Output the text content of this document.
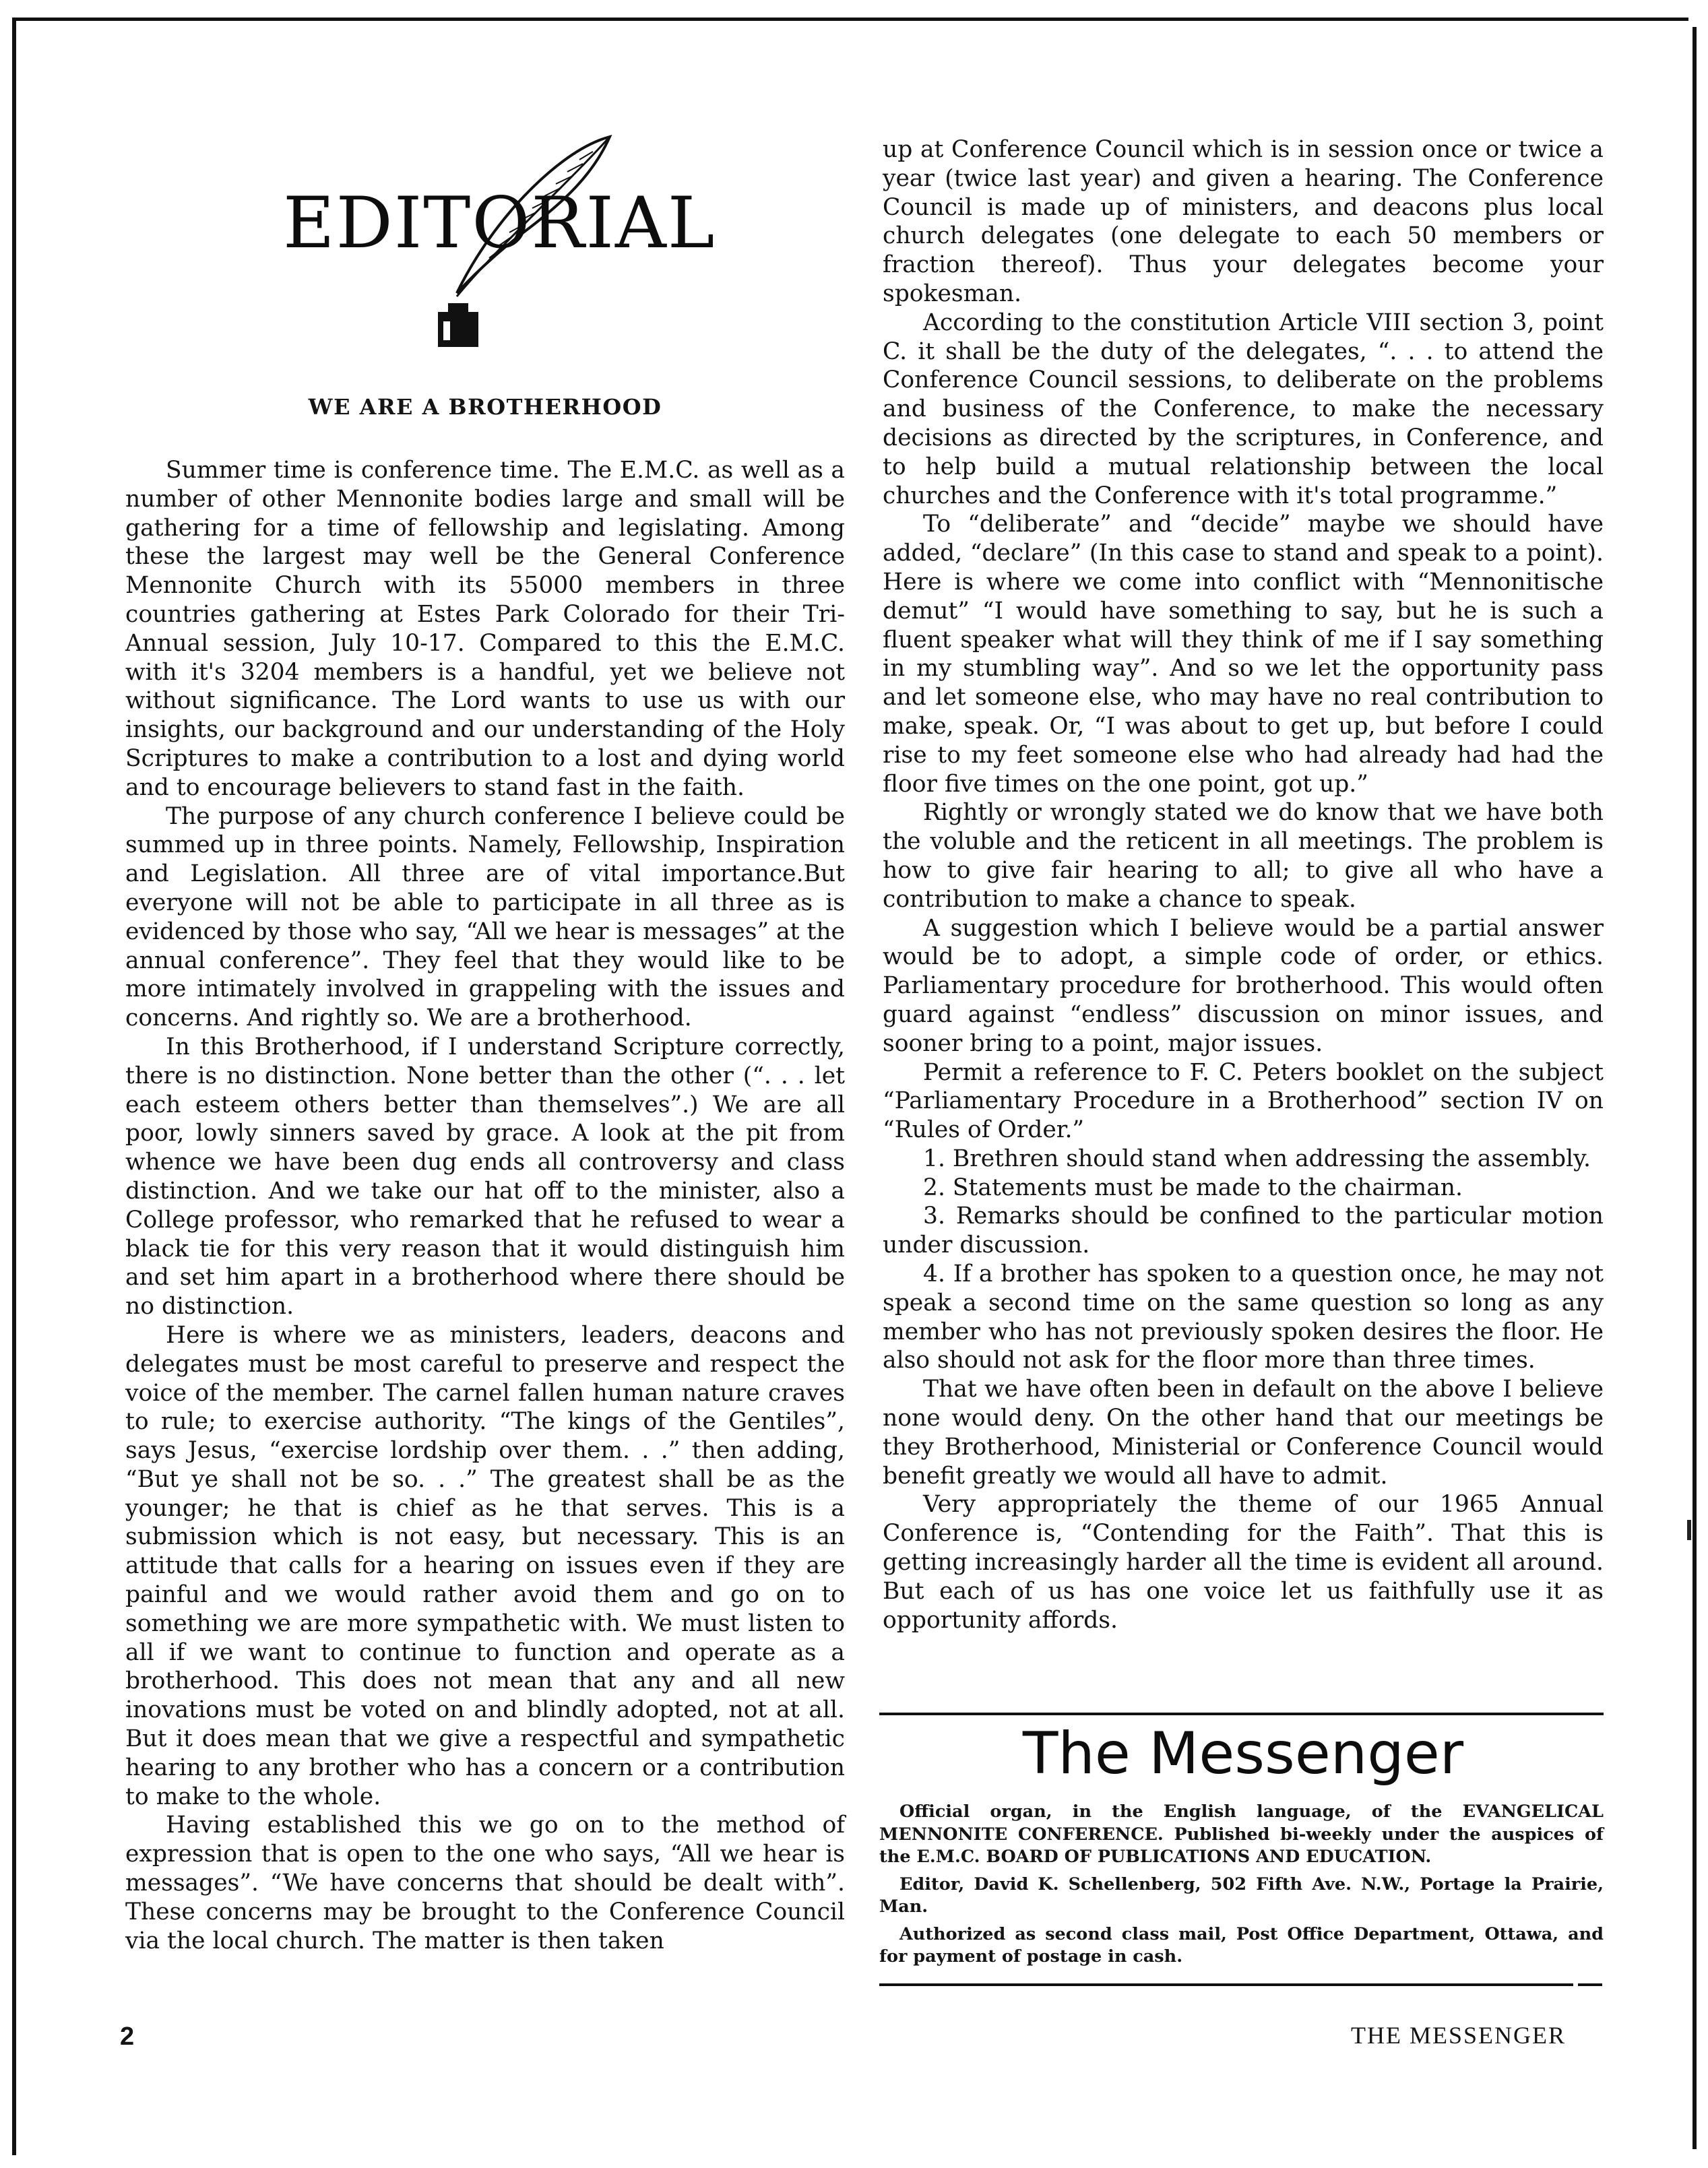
EDITORIAL
WE ARE A BROTHERHOOD

Summer time is conference time. The E.M.C. as well as a number of other Mennonite bodies large and small will be gathering for a time of fellowship and legislating. Among these the largest may well be the General Conference Mennonite Church with its 55000 members in three countries gathering at Estes Park Colorado for their Tri-Annual session, July 10-17. Compared to this the E.M.C. with it's 3204 members is a handful, yet we believe not without significance. The Lord wants to use us with our insights, our background and our understanding of the Holy Scriptures to make a contribution to a lost and dying world and to encourage believers to stand fast in the faith.

The purpose of any church conference I believe could be summed up in three points. Namely, Fellowship, Inspiration and Legislation. All three are of vital importance.But everyone will not be able to participate in all three as is evidenced by those who say, “All we hear is messages” at the annual conference”. They feel that they would like to be more intimately involved in grappeling with the issues and concerns. And rightly so. We are a brotherhood.

In this Brotherhood, if I understand Scripture correctly, there is no distinction. None better than the other (“. . . let each esteem others better than themselves”.) We are all poor, lowly sinners saved by grace. A look at the pit from whence we have been dug ends all controversy and class distinction. And we take our hat off to the minister, also a College professor, who remarked that he refused to wear a black tie for this very reason that it would distinguish him and set him apart in a brotherhood where there should be no distinction.

Here is where we as ministers, leaders, deacons and delegates must be most careful to preserve and respect the voice of the member. The carnel fallen human nature craves to rule; to exercise authority. “The kings of the Gentiles”, says Jesus, “exercise lordship over them. . .” then adding, “But ye shall not be so. . .” The greatest shall be as the younger; he that is chief as he that serves. This is a submission which is not easy, but necessary. This is an attitude that calls for a hearing on issues even if they are painful and we would rather avoid them and go on to something we are more sympathetic with. We must listen to all if we want to continue to function and operate as a brotherhood. This does not mean that any and all new inovations must be voted on and blindly adopted, not at all. But it does mean that we give a respectful and sympathetic hearing to any brother who has a concern or a contribution to make to the whole.

Having established this we go on to the method of expression that is open to the one who says, “All we hear is messages”. “We have concerns that should be dealt with”. These concerns may be brought to the Conference Council via the local church. The matter is then taken

up at Conference Council which is in session once or twice a year (twice last year) and given a hearing. The Conference Council is made up of ministers, and deacons plus local church delegates (one delegate to each 50 members or fraction thereof). Thus your delegates become your spokesman.

According to the constitution Article VIII section 3, point C. it shall be the duty of the delegates, “. . . to attend the Conference Council sessions, to deliberate on the problems and business of the Conference, to make the necessary decisions as directed by the scriptures, in Conference, and to help build a mutual relationship between the local churches and the Conference with it's total programme.”

To “deliberate” and “decide” maybe we should have added, “declare” (In this case to stand and speak to a point). Here is where we come into conflict with “Mennonitische demut” “I would have something to say, but he is such a fluent speaker what will they think of me if I say something in my stumbling way”. And so we let the opportunity pass and let someone else, who may have no real contribution to make, speak. Or, “I was about to get up, but before I could rise to my feet someone else who had already had had the floor five times on the one point, got up.”

Rightly or wrongly stated we do know that we have both the voluble and the reticent in all meetings. The problem is how to give fair hearing to all; to give all who have a contribution to make a chance to speak.

A suggestion which I believe would be a partial answer would be to adopt, a simple code of order, or ethics. Parliamentary procedure for brotherhood. This would often guard against “endless” discussion on minor issues, and sooner bring to a point, major issues.

Permit a reference to F. C. Peters booklet on the subject “Parliamentary Procedure in a Brotherhood” section IV on “Rules of Order.”

1. Brethren should stand when addressing the assembly.

2. Statements must be made to the chairman.

3. Remarks should be confined to the particular motion under discussion.

4. If a brother has spoken to a question once, he may not speak a second time on the same question so long as any member who has not previously spoken desires the floor. He also should not ask for the floor more than three times.

That we have often been in default on the above I believe none would deny. On the other hand that our meetings be they Brotherhood, Ministerial or Conference Council would benefit greatly we would all have to admit.

Very appropriately the theme of our 1965 Annual Conference is, “Contending for the Faith”. That this is getting increasingly harder all the time is evident all around. But each of us has one voice let us faithfully use it as opportunity affords.

The Messenger

Official organ, in the English language, of the EVANGELICAL MENNONITE CONFERENCE. Published bi-weekly under the auspices of the E.M.C. BOARD OF PUBLICATIONS AND EDUCATION.

Editor, David K. Schellenberg, 502 Fifth Ave. N.W., Portage la Prairie, Man.

Authorized as second class mail, Post Office Department, Ottawa, and for payment of postage in cash.

2	THE MESSENGER
